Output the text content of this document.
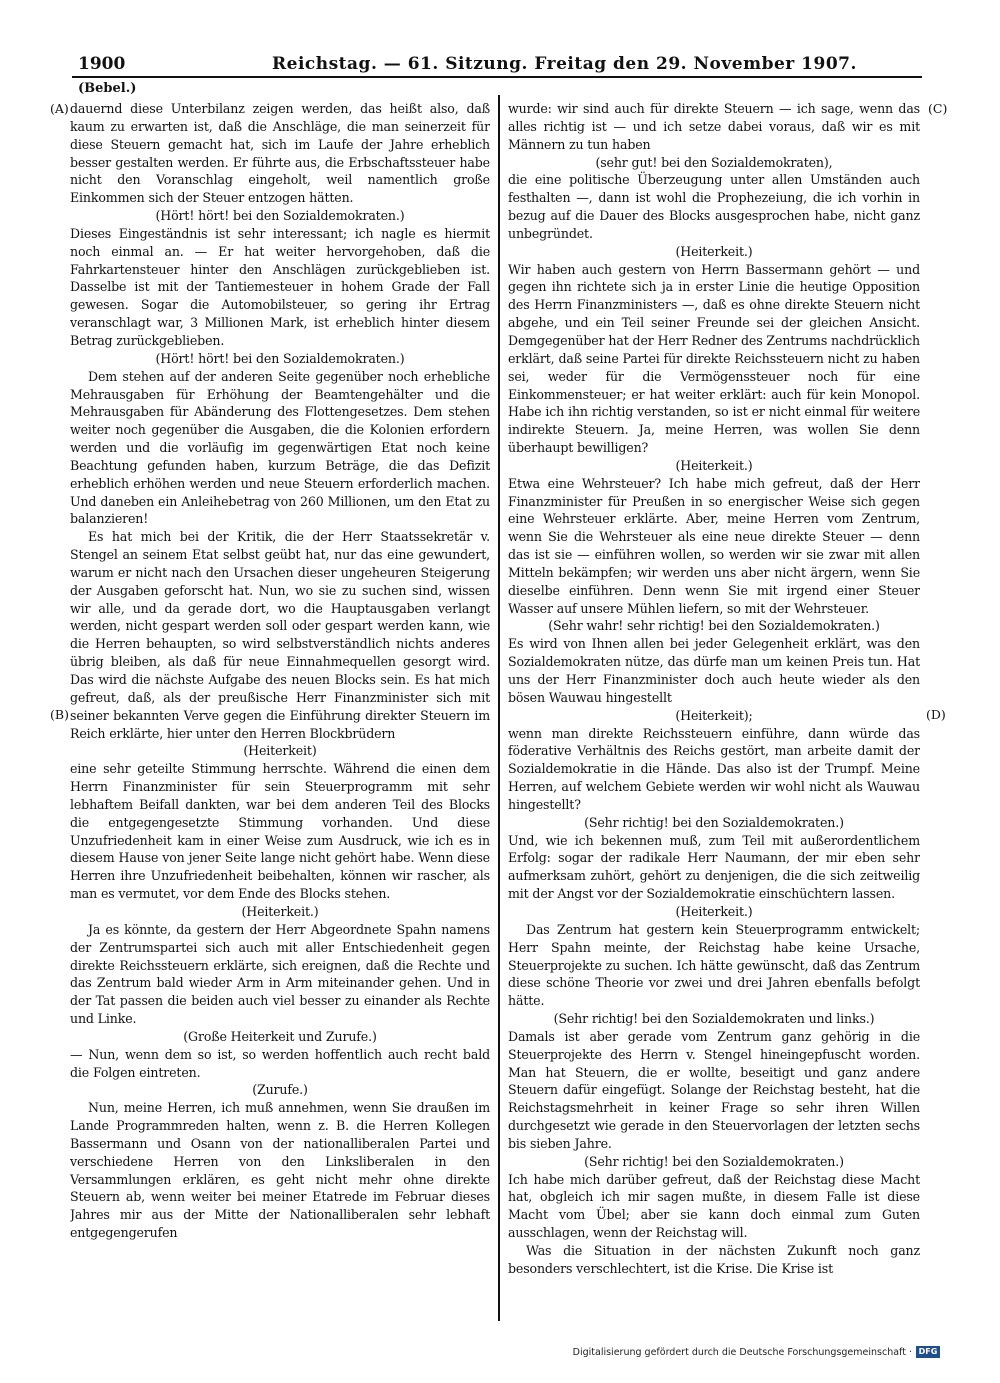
1900	Reichstag. — 61. Sitzung. Freitag den 29. November 1907.
(Bebel.)
(A)
(B)
(C)
(D)

dauernd diese Unterbilanz zeigen werden, das heißt also, daß kaum zu erwarten ist, daß die Anschläge, die man seinerzeit für diese Steuern gemacht hat, sich im Laufe der Jahre erheblich besser gestalten werden. Er führte aus, die Erbschaftssteuer habe nicht den Voranschlag eingeholt, weil namentlich große Einkommen sich der Steuer entzogen hätten.

(Hört! hört! bei den Sozialdemokraten.)

Dieses Eingeständnis ist sehr interessant; ich nagle es hiermit noch einmal an. — Er hat weiter hervorgehoben, daß die Fahrkartensteuer hinter den Anschlägen zurückgeblieben ist. Dasselbe ist mit der Tantiemesteuer in hohem Grade der Fall gewesen. Sogar die Automobilsteuer, so gering ihr Ertrag veranschlagt war, 3 Millionen Mark, ist erheblich hinter diesem Betrag zurückgeblieben.

(Hört! hört! bei den Sozialdemokraten.)

Dem stehen auf der anderen Seite gegenüber noch erhebliche Mehrausgaben für Erhöhung der Beamtengehälter und die Mehrausgaben für Abänderung des Flottengesetzes. Dem stehen weiter noch gegenüber die Ausgaben, die die Kolonien erfordern werden und die vorläufig im gegenwärtigen Etat noch keine Beachtung gefunden haben, kurzum Beträge, die das Defizit erheblich erhöhen werden und neue Steuern erforderlich machen. Und daneben ein Anleihebetrag von 260 Millionen, um den Etat zu balanzieren!

Es hat mich bei der Kritik, die der Herr Staatssekretär v. Stengel an seinem Etat selbst geübt hat, nur das eine gewundert, warum er nicht nach den Ursachen dieser ungeheuren Steigerung der Ausgaben geforscht hat. Nun, wo sie zu suchen sind, wissen wir alle, und da gerade dort, wo die Hauptausgaben verlangt werden, nicht gespart werden soll oder gespart werden kann, wie die Herren behaupten, so wird selbstverständlich nichts anderes übrig bleiben, als daß für neue Einnahmequellen gesorgt wird. Das wird die nächste Aufgabe des neuen Blocks sein. Es hat mich gefreut, daß, als der preußische Herr Finanzminister sich mit seiner bekannten Verve gegen die Einführung direkter Steuern im Reich erklärte, hier unter den Herren Blockbrüdern

(Heiterkeit)

eine sehr geteilte Stimmung herrschte. Während die einen dem Herrn Finanzminister für sein Steuerprogramm mit sehr lebhaftem Beifall dankten, war bei dem anderen Teil des Blocks die entgegengesetzte Stimmung vorhanden. Und diese Unzufriedenheit kam in einer Weise zum Ausdruck, wie ich es in diesem Hause von jener Seite lange nicht gehört habe. Wenn diese Herren ihre Unzufriedenheit beibehalten, können wir rascher, als man es vermutet, vor dem Ende des Blocks stehen.

(Heiterkeit.)

Ja es könnte, da gestern der Herr Abgeordnete Spahn namens der Zentrumspartei sich auch mit aller Entschiedenheit gegen direkte Reichssteuern erklärte, sich ereignen, daß die Rechte und das Zentrum bald wieder Arm in Arm miteinander gehen. Und in der Tat passen die beiden auch viel besser zu einander als Rechte und Linke.

(Große Heiterkeit und Zurufe.)

— Nun, wenn dem so ist, so werden hoffentlich auch recht bald die Folgen eintreten.

(Zurufe.)

Nun, meine Herren, ich muß annehmen, wenn Sie draußen im Lande Programmreden halten, wenn z. B. die Herren Kollegen Bassermann und Osann von der nationalliberalen Partei und verschiedene Herren von den Linksliberalen in den Versammlungen erklären, es geht nicht mehr ohne direkte Steuern ab, wenn weiter bei meiner Etatrede im Februar dieses Jahres mir aus der Mitte der Nationalliberalen sehr lebhaft entgegengerufen

wurde: wir sind auch für direkte Steuern — ich sage, wenn das alles richtig ist — und ich setze dabei voraus, daß wir es mit Männern zu tun haben

(sehr gut! bei den Sozialdemokraten),

die eine politische Überzeugung unter allen Umständen auch festhalten —, dann ist wohl die Prophezeiung, die ich vorhin in bezug auf die Dauer des Blocks ausgesprochen habe, nicht ganz unbegründet.

(Heiterkeit.)

Wir haben auch gestern von Herrn Bassermann gehört — und gegen ihn richtete sich ja in erster Linie die heutige Opposition des Herrn Finanzministers —, daß es ohne direkte Steuern nicht abgehe, und ein Teil seiner Freunde sei der gleichen Ansicht. Demgegenüber hat der Herr Redner des Zentrums nachdrücklich erklärt, daß seine Partei für direkte Reichssteuern nicht zu haben sei, weder für die Vermögenssteuer noch für eine Einkommensteuer; er hat weiter erklärt: auch für kein Monopol. Habe ich ihn richtig verstanden, so ist er nicht einmal für weitere indirekte Steuern. Ja, meine Herren, was wollen Sie denn überhaupt bewilligen?

(Heiterkeit.)

Etwa eine Wehrsteuer? Ich habe mich gefreut, daß der Herr Finanzminister für Preußen in so energischer Weise sich gegen eine Wehrsteuer erklärte. Aber, meine Herren vom Zentrum, wenn Sie die Wehrsteuer als eine neue direkte Steuer — denn das ist sie — einführen wollen, so werden wir sie zwar mit allen Mitteln bekämpfen; wir werden uns aber nicht ärgern, wenn Sie dieselbe einführen. Denn wenn Sie mit irgend einer Steuer Wasser auf unsere Mühlen liefern, so mit der Wehrsteuer.

(Sehr wahr! sehr richtig! bei den Sozialdemokraten.)

Es wird von Ihnen allen bei jeder Gelegenheit erklärt, was den Sozialdemokraten nütze, das dürfe man um keinen Preis tun. Hat uns der Herr Finanzminister doch auch heute wieder als den bösen Wauwau hingestellt

(Heiterkeit);

wenn man direkte Reichssteuern einführe, dann würde das föderative Verhältnis des Reichs gestört, man arbeite damit der Sozialdemokratie in die Hände. Das also ist der Trumpf. Meine Herren, auf welchem Gebiete werden wir wohl nicht als Wauwau hingestellt?

(Sehr richtig! bei den Sozialdemokraten.)

Und, wie ich bekennen muß, zum Teil mit außerordentlichem Erfolg: sogar der radikale Herr Naumann, der mir eben sehr aufmerksam zuhört, gehört zu denjenigen, die die sich zeitweilig mit der Angst vor der Sozialdemokratie einschüchtern lassen.

(Heiterkeit.)

Das Zentrum hat gestern kein Steuerprogramm entwickelt; Herr Spahn meinte, der Reichstag habe keine Ursache, Steuerprojekte zu suchen. Ich hätte gewünscht, daß das Zentrum diese schöne Theorie vor zwei und drei Jahren ebenfalls befolgt hätte.

(Sehr richtig! bei den Sozialdemokraten und links.)

Damals ist aber gerade vom Zentrum ganz gehörig in die Steuerprojekte des Herrn v. Stengel hineingepfuscht worden. Man hat Steuern, die er wollte, beseitigt und ganz andere Steuern dafür eingefügt. Solange der Reichstag besteht, hat die Reichstagsmehrheit in keiner Frage so sehr ihren Willen durchgesetzt wie gerade in den Steuervorlagen der letzten sechs bis sieben Jahre.

(Sehr richtig! bei den Sozialdemokraten.)

Ich habe mich darüber gefreut, daß der Reichstag diese Macht hat, obgleich ich mir sagen mußte, in diesem Falle ist diese Macht vom Übel; aber sie kann doch einmal zum Guten ausschlagen, wenn der Reichstag will.

Was die Situation in der nächsten Zukunft noch ganz besonders verschlechtert, ist die Krise. Die Krise ist

Digitalisierung gefördert durch die Deutsche Forschungsgemeinschaft · DFG
